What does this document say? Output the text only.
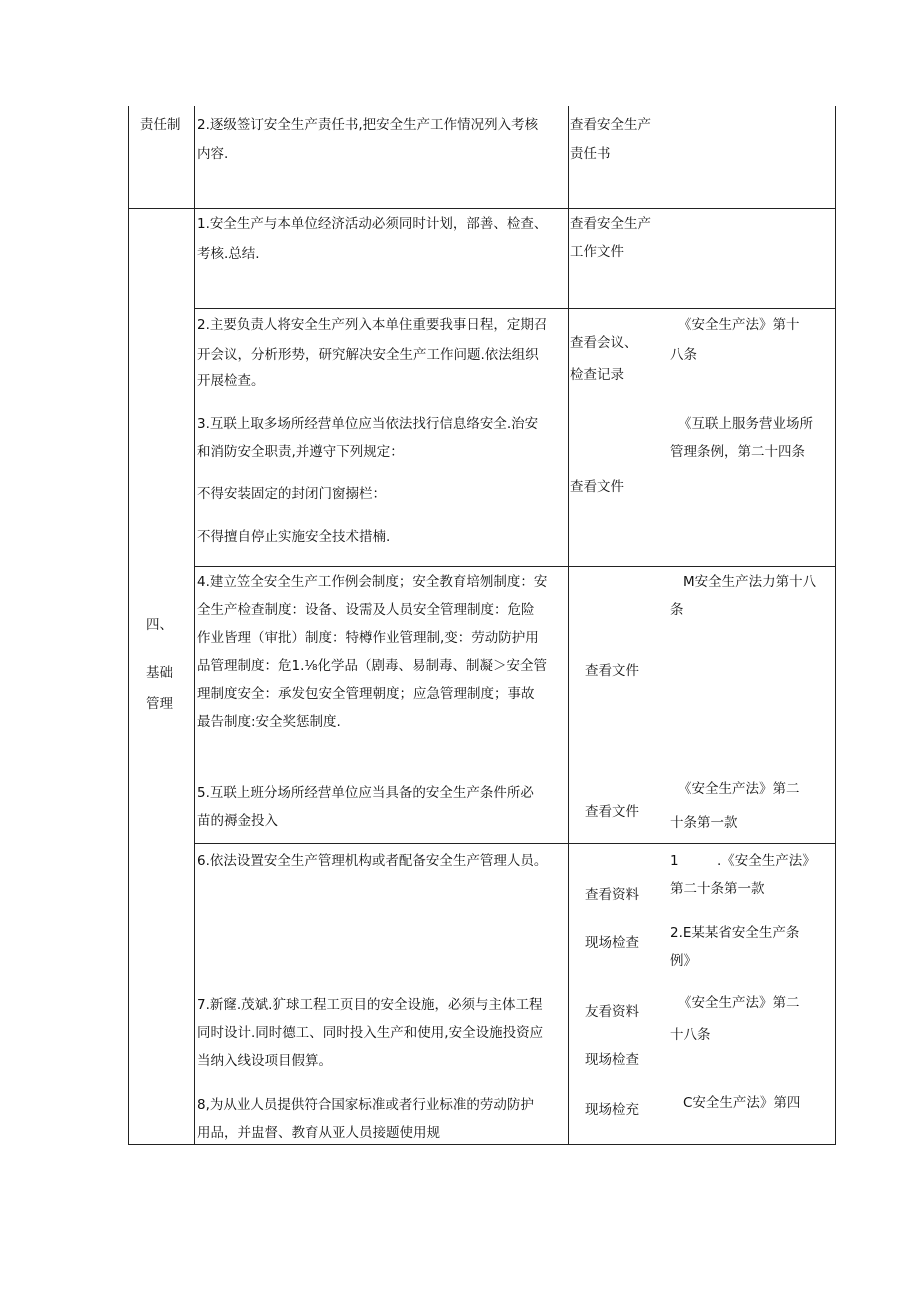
责任制
四、
基础
管理
2.逐级签订安全生产责任书,把安全生产工作情况列入考核
内容.
1.安全生产与本单位经济活动必须同时计划，部善、检查、
考核.总结.
2.主要负责人将安全生产列入本单住重要我事日程，定期召
开会议，分析形势，研究解决安全生产工作问题.依法组织
开展检查。
3.互联上取多场所经营单位应当依法找行信息络安全.治安
和消防安全职责,并遵守下列规定：
不得安装固定的封闭门窗搦栏：
不得擅自停止实施安全技术措楠.
4.建立笠全安全生产工作例会制度；安全教育培刎制度：安
全生产检查制度：设备、设需及人员安全管理制度：危险
作业皆理（审批）制度：特樽作业管理制,变：劳动防护用
品管理制度：危1.⅛化学品（剧毒、易制毒、制凝＞安全管
理制度安全：承发包安全管理朝度；应急管理制度；事故
最告制度:安全奖惩制度.
5.互联上班分场所经营单位应当具备的安全生产条件所必
苗的褥金投入
6.依法设置安全生产管理机构或者配备安全生产管理人员。
7.新窿.茂斌.犷球工程工页目的安全设施，必须与主体工程
同时设计.同时德工、同时投入生产和使用,安全设施投资应
当纳入线设项目假算。
8,为从业人员提供符合国家标准或者行业标准的劳动防护
用品，并盅督、教育从亚人员接题使用规
查看安全生产
责任书
查看安全生产
工作文件
查看会议、
检查记录
查看文件
查看文件
查看文件
查看资料
现场检查
友看资料
现场检查
现场检充
《安全生产法》第十
八条
《互联上服务营业场所
管理条例，第二十四条
M安全生产法力第十八
条
《安全生产法》第二
十条第一款
1	.《安全生产法》
第二十条第一款
2.E某某省安全生产条
例》
《安全生产法》第二
十八条
C安全生产法》第四
